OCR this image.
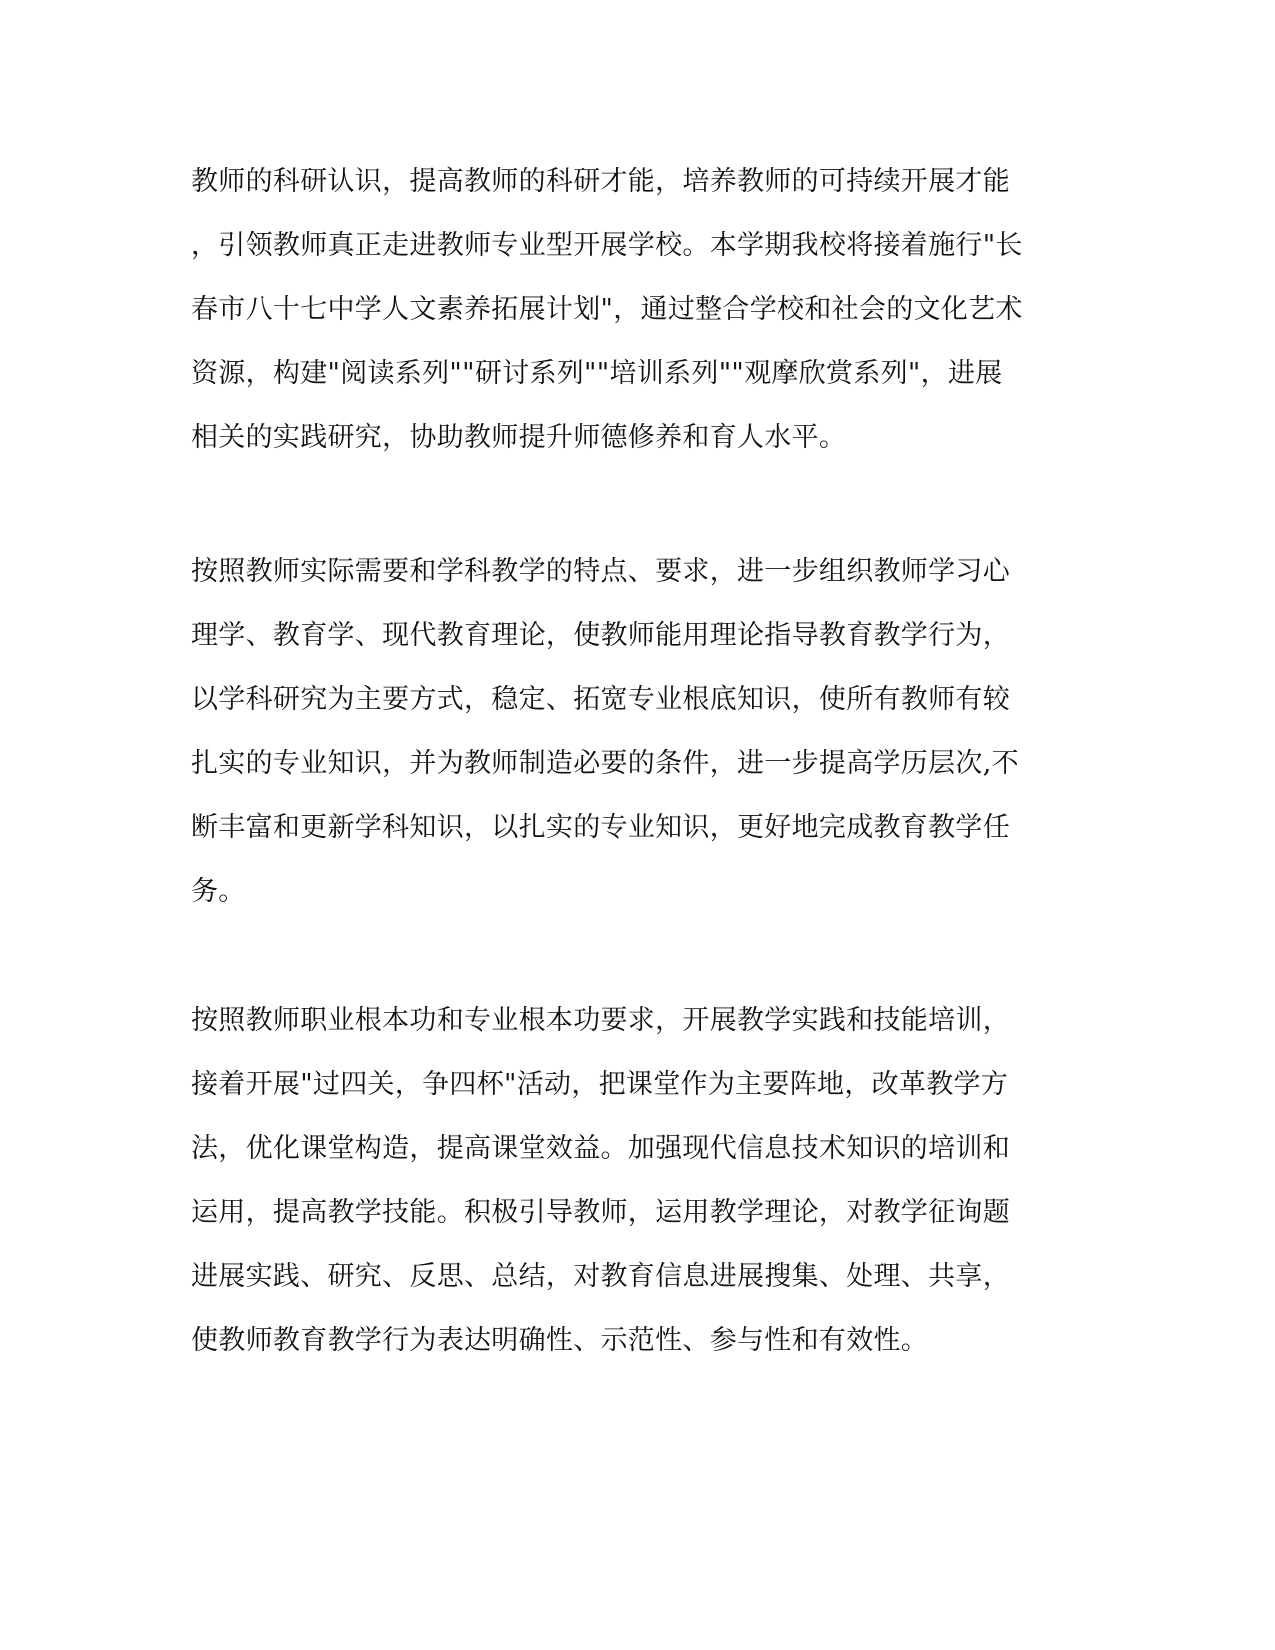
教师的科研认识，提高教师的科研才能，培养教师的可持续开展才能
，引领教师真正走进教师专业型开展学校。本学期我校将接着施行"长
春市八十七中学人文素养拓展计划"，通过整合学校和社会的文化艺术
资源，构建"阅读系列""研讨系列""培训系列""观摩欣赏系列"，进展
相关的实践研究，协助教师提升师德修养和育人水平。
按照教师实际需要和学科教学的特点、要求，进一步组织教师学习心
理学、教育学、现代教育理论，使教师能用理论指导教育教学行为，
以学科研究为主要方式，稳定、拓宽专业根底知识，使所有教师有较
扎实的专业知识，并为教师制造必要的条件，进一步提高学历层次,不
断丰富和更新学科知识，以扎实的专业知识，更好地完成教育教学任
务。
按照教师职业根本功和专业根本功要求，开展教学实践和技能培训，
接着开展"过四关，争四杯"活动，把课堂作为主要阵地，改革教学方
法，优化课堂构造，提高课堂效益。加强现代信息技术知识的培训和
运用，提高教学技能。积极引导教师，运用教学理论，对教学征询题
进展实践、研究、反思、总结，对教育信息进展搜集、处理、共享，
使教师教育教学行为表达明确性、示范性、参与性和有效性。
